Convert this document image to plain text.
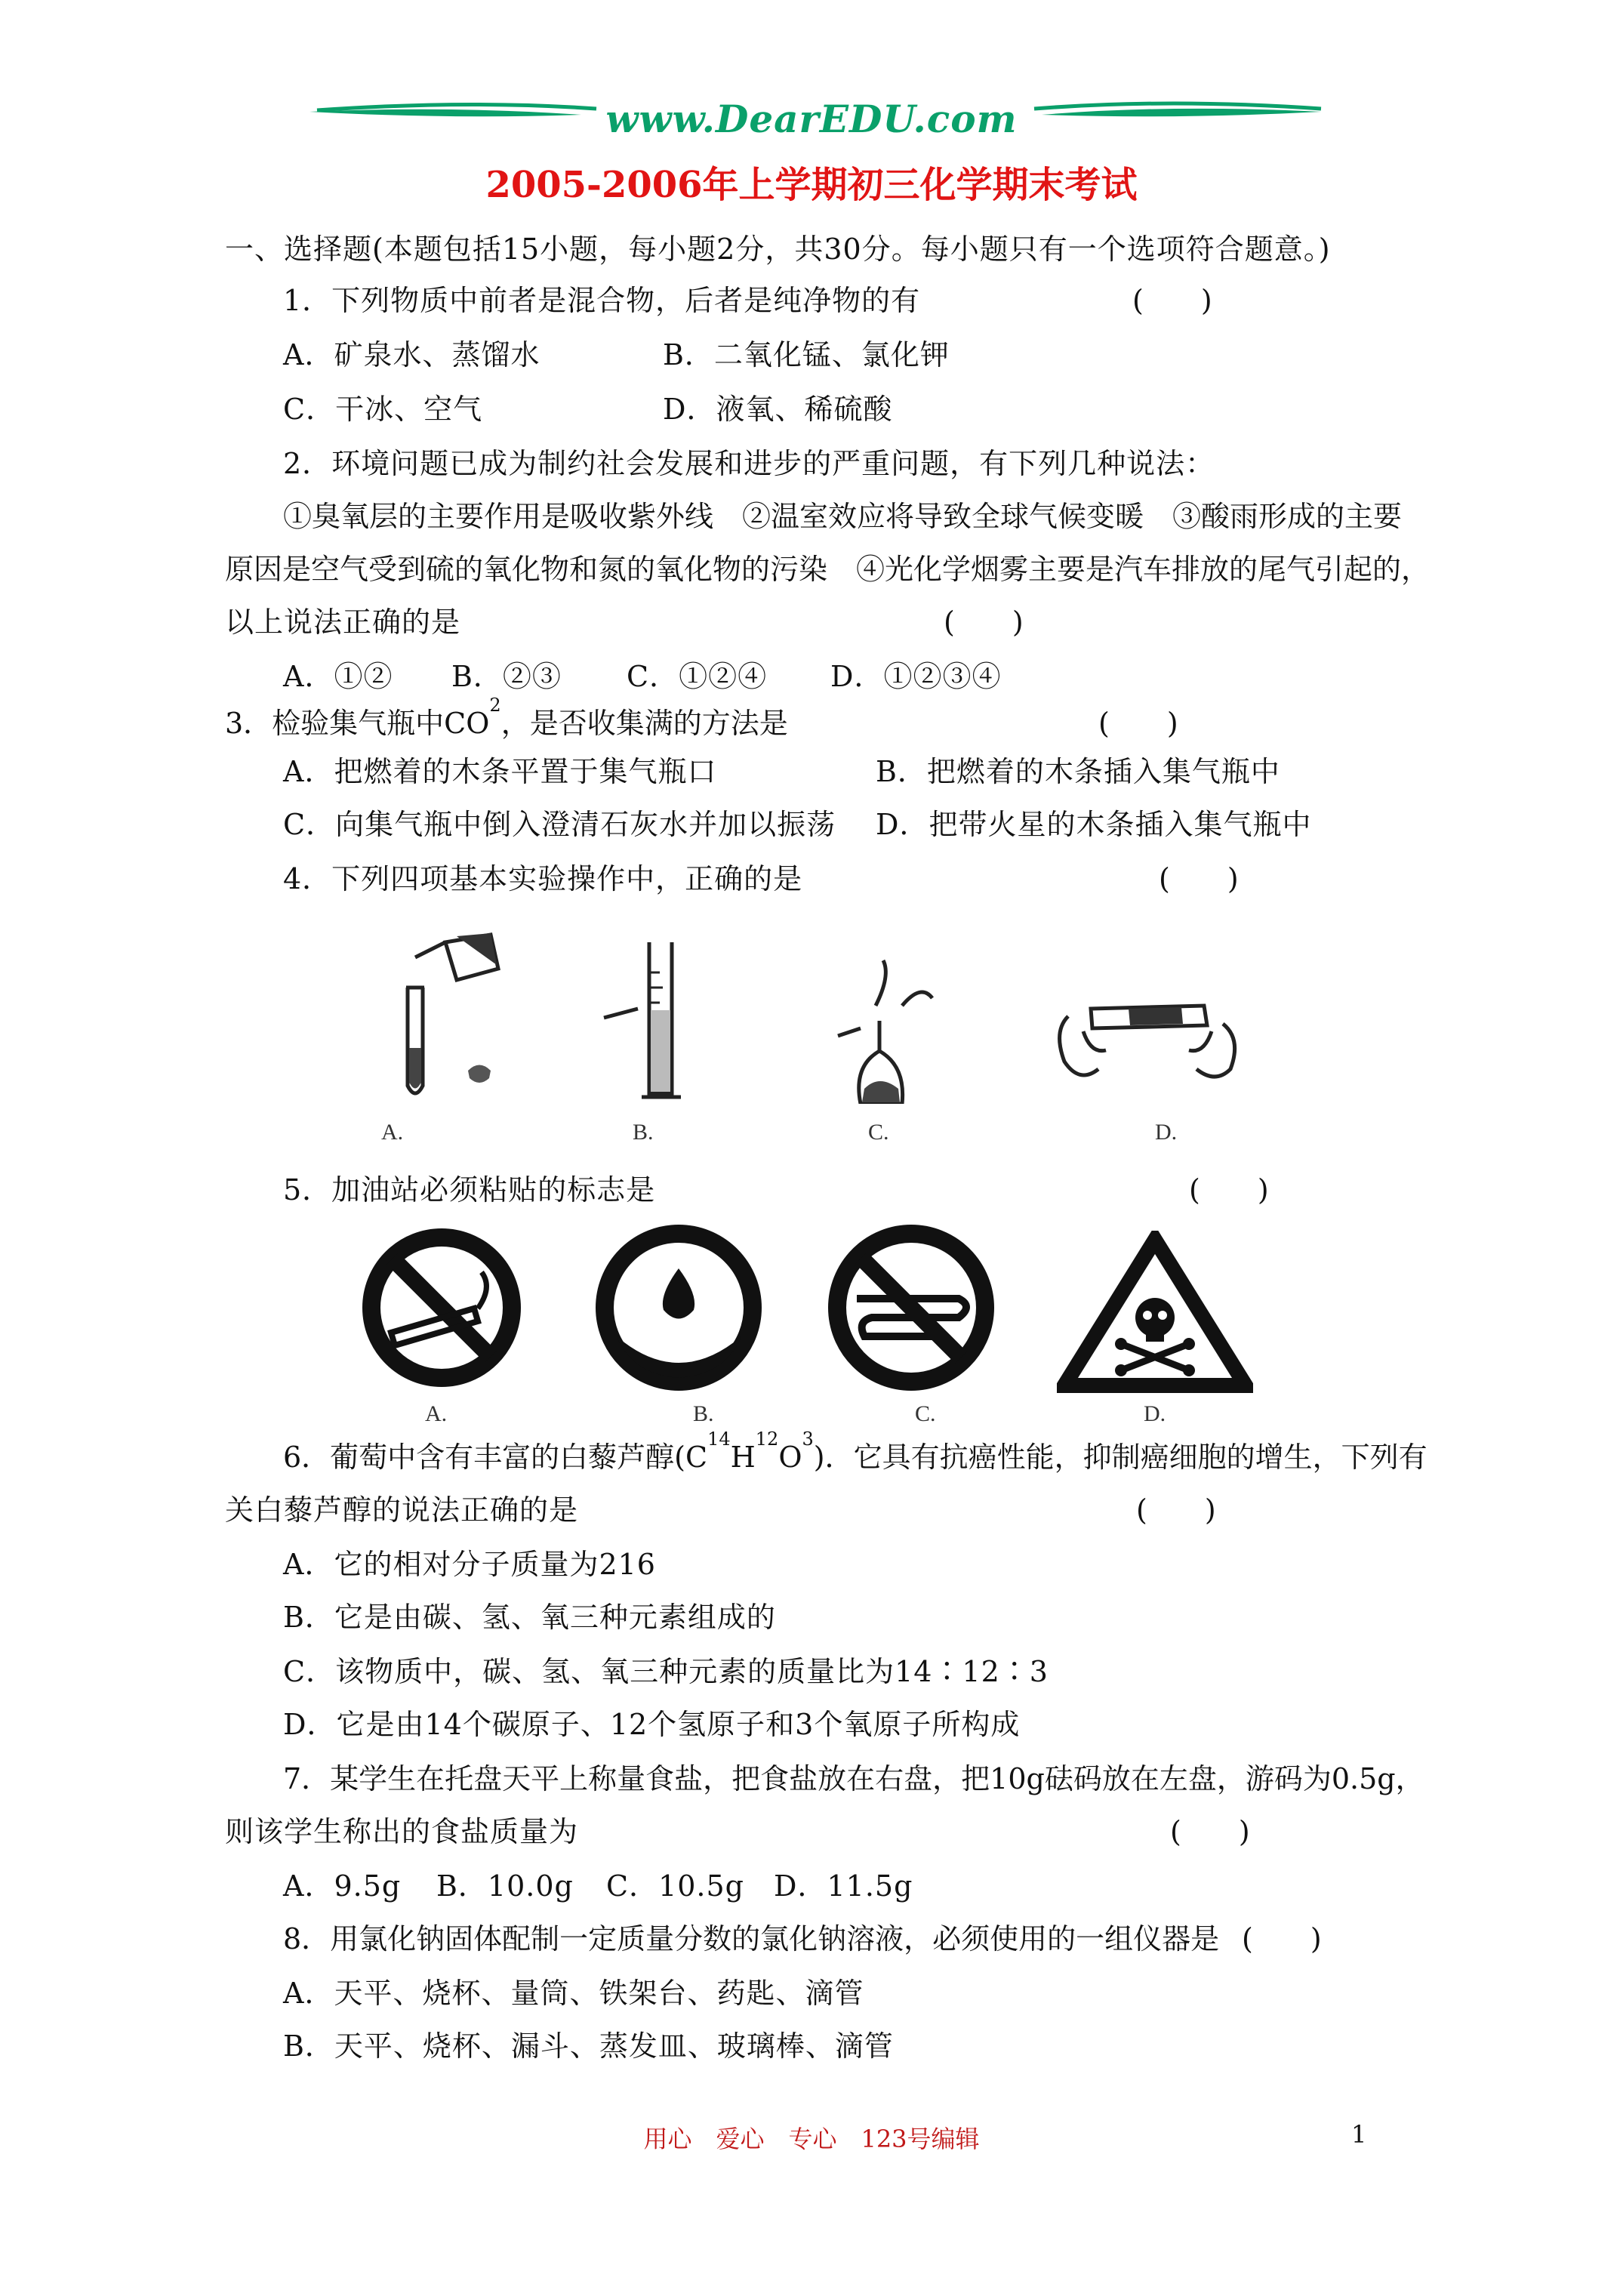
www.DearEDU.com
2005-2006年上学期初三化学期末考试
一、选择题(本题包括15小题，每小题2分，共30分。每小题只有一个选项符合题意。)
1．下列物质中前者是混合物，后者是纯净物的有	(　　)
A．矿泉水、蒸馏水	B．二氧化锰、氯化钾
C．干冰、空气	D．液氧、稀硫酸
2．环境问题已成为制约社会发展和进步的严重问题，有下列几种说法：
①臭氧层的主要作用是吸收紫外线　②温室效应将导致全球气候变暖　③酸雨形成的主要
原因是空气受到硫的氧化物和氮的氧化物的污染　④光化学烟雾主要是汽车排放的尾气引起的，
以上说法正确的是	(　　)
A．①② B．②③ C．①②④ D．①②③④
3．检验集气瓶中CO
2
，是否收集满的方法是	(　　)
A．把燃着的木条平置于集气瓶口	B．把燃着的木条插入集气瓶中
C．向集气瓶中倒入澄清石灰水并加以振荡 D．把带火星的木条插入集气瓶中
4．下列四项基本实验操作中，正确的是	(　　)
A.	B.	C.	D.
5．加油站必须粘贴的标志是	(　　)
A.	B.	C.	D.
6．葡萄中含有丰富的白藜芦醇(C
14
H
12
O
3
)．它具有抗癌性能，抑制癌细胞的增生，下列有
关白藜芦醇的说法正确的是	(　　)
A．它的相对分子质量为216
B．它是由碳、氢、氧三种元素组成的
C．该物质中，碳、氢、氧三种元素的质量比为14∶12∶3
D．它是由14个碳原子、12个氢原子和3个氧原子所构成
7．某学生在托盘天平上称量食盐，把食盐放在右盘，把10g砝码放在左盘，游码为0.5g，
则该学生称出的食盐质量为	(　　)
A．9.5g B．10.0g C．10.5g D．11.5g
8．用氯化钠固体配制一定质量分数的氯化钠溶液，必须使用的一组仪器是 (　　)
A．天平、烧杯、量筒、铁架台、药匙、滴管
B．天平、烧杯、漏斗、蒸发皿、玻璃棒、滴管
用心　爱心　专心　123号编辑	1
